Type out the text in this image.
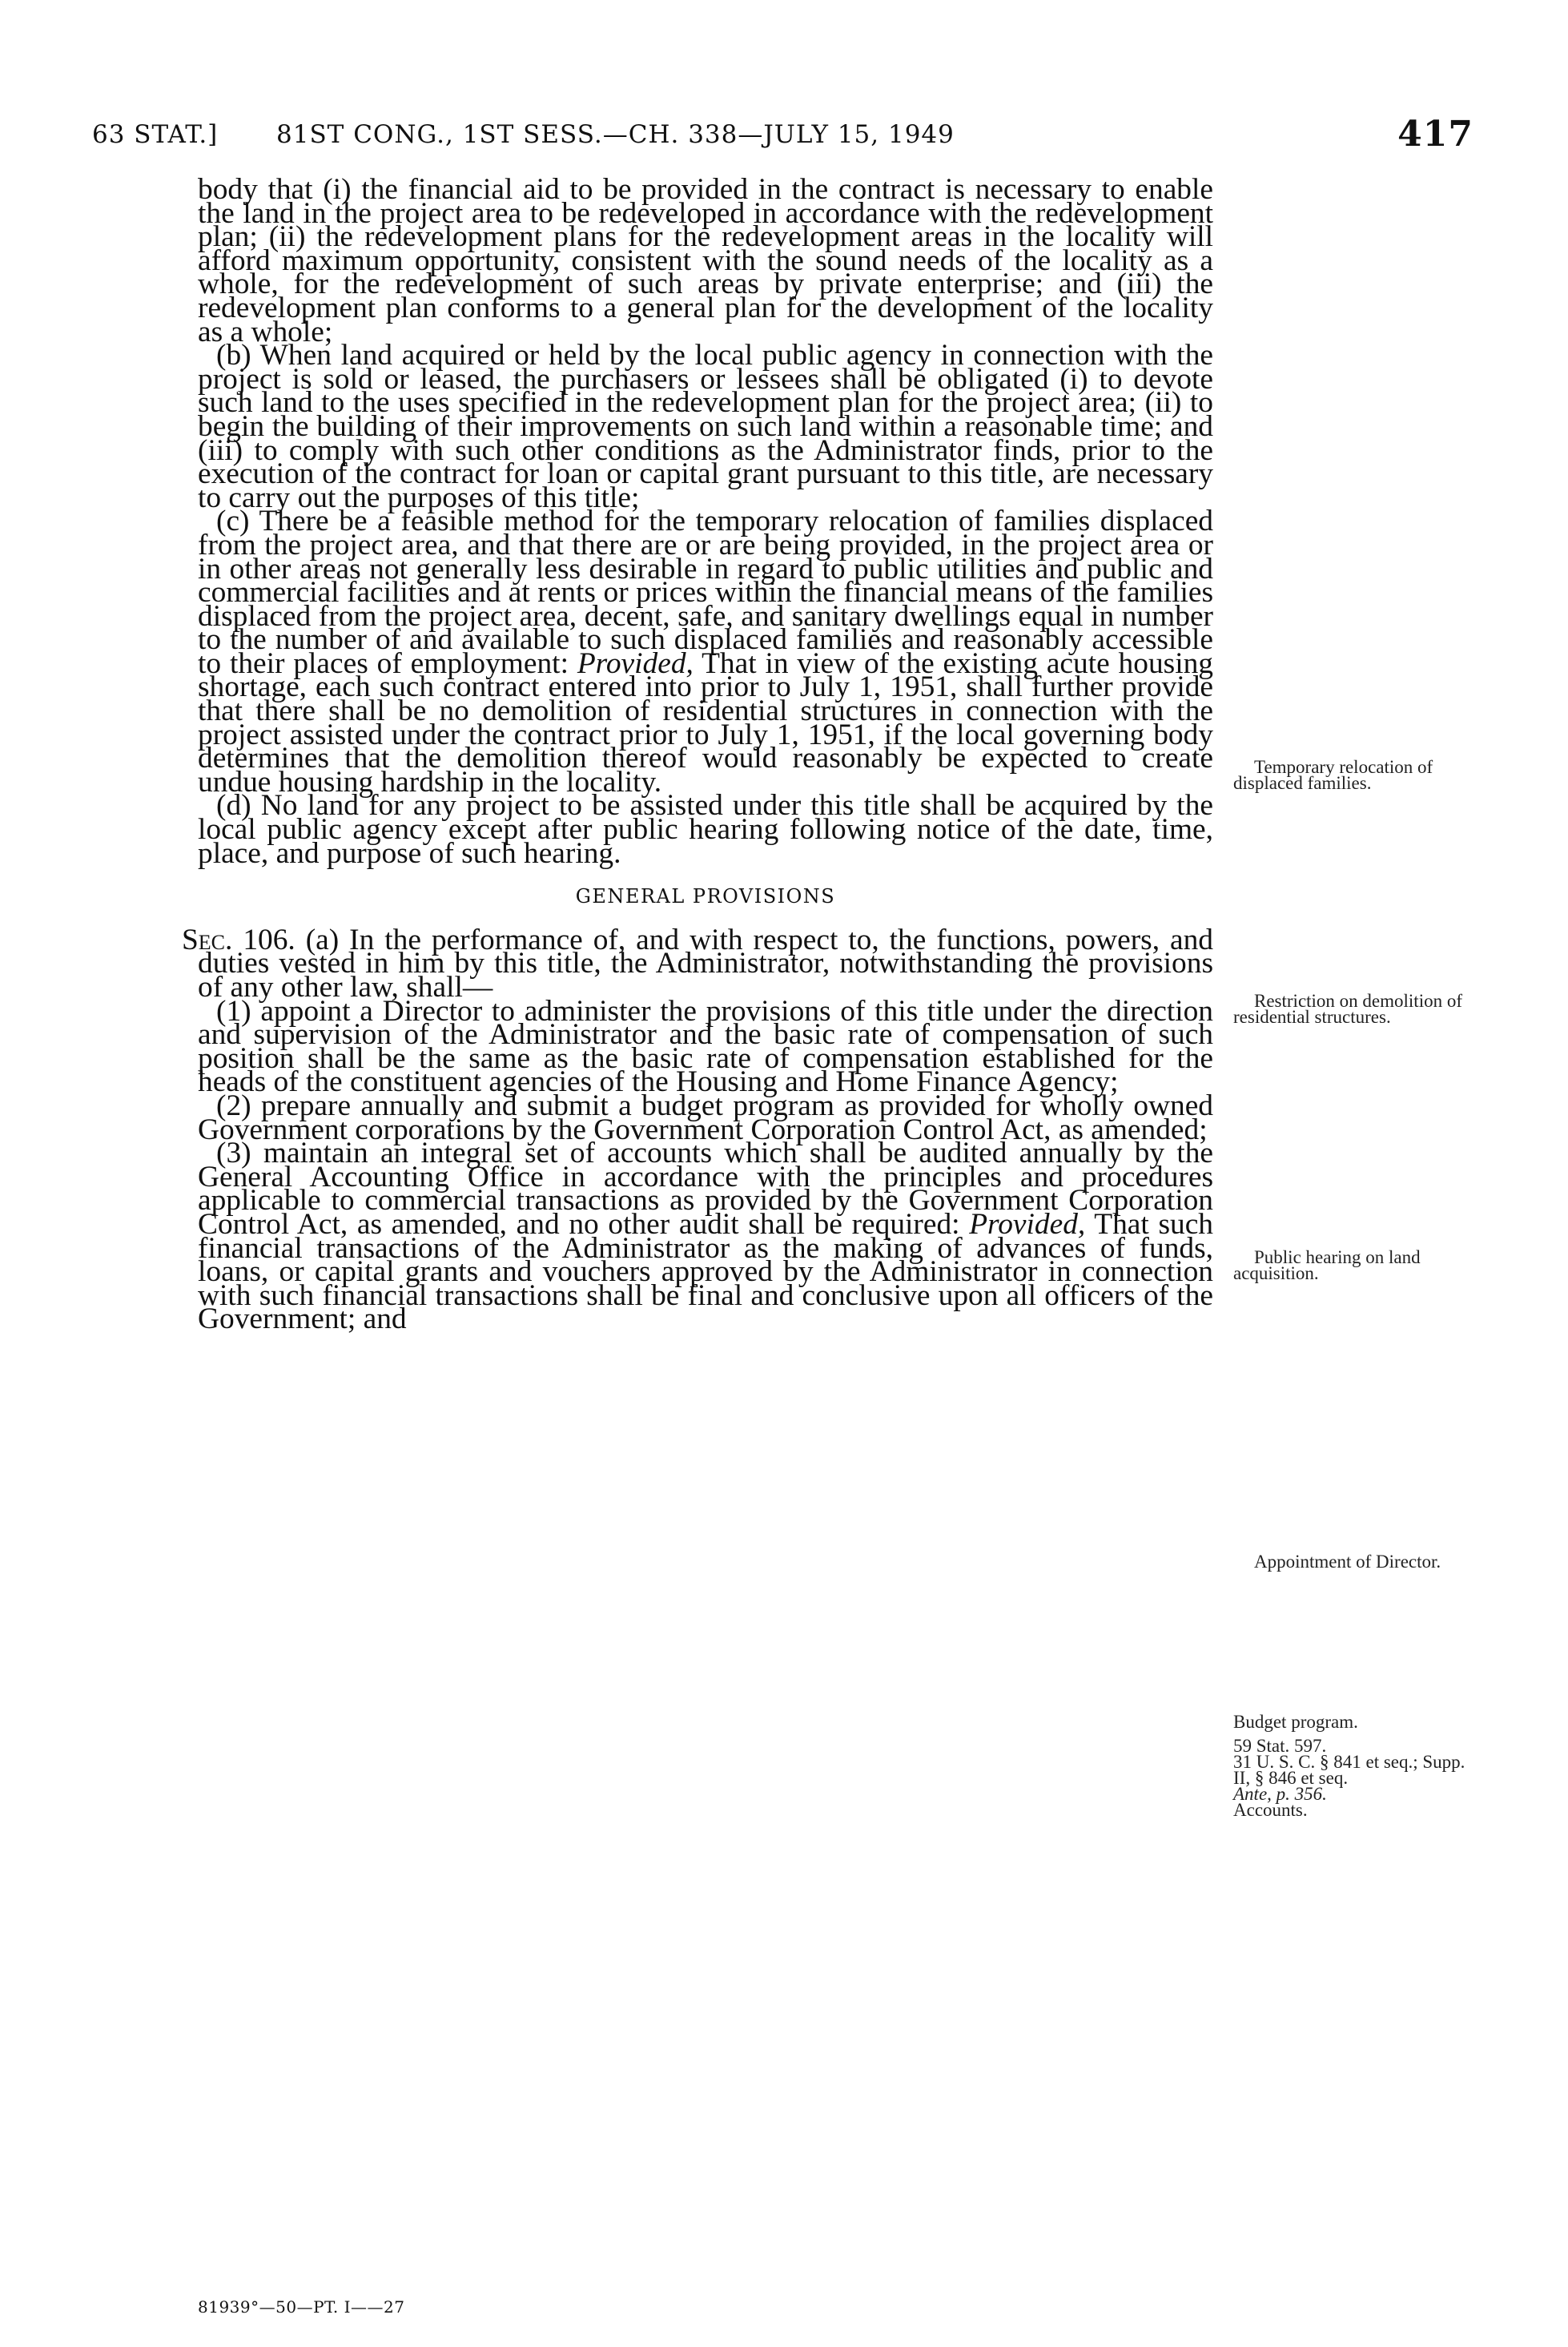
63 STAT.] 81ST CONG., 1ST SESS.—CH. 338—JULY 15, 1949	417

body that (i) the financial aid to be provided in the contract is necessary to enable the land in the project area to be redeveloped in accordance with the redevelopment plan; (ii) the redevelopment plans for the redevelopment areas in the locality will afford maximum opportunity, consistent with the sound needs of the locality as a whole, for the redevelopment of such areas by private enterprise; and (iii) the redevelopment plan conforms to a general plan for the development of the locality as a whole;

(b) When land acquired or held by the local public agency in connection with the project is sold or leased, the purchasers or lessees shall be obligated (i) to devote such land to the uses specified in the redevelopment plan for the project area; (ii) to begin the building of their improvements on such land within a reasonable time; and (iii) to comply with such other conditions as the Administrator finds, prior to the execution of the contract for loan or capital grant pursuant to this title, are necessary to carry out the purposes of this title;

(c) There be a feasible method for the temporary relocation of families displaced from the project area, and that there are or are being provided, in the project area or in other areas not generally less desirable in regard to public utilities and public and commercial facilities and at rents or prices within the financial means of the families displaced from the project area, decent, safe, and sanitary dwellings equal in number to the number of and available to such displaced families and reasonably accessible to their places of employment: Provided, That in view of the existing acute housing shortage, each such contract entered into prior to July 1, 1951, shall further provide that there shall be no demolition of residential structures in connection with the project assisted under the contract prior to July 1, 1951, if the local governing body determines that the demolition thereof would reasonably be expected to create undue housing hardship in the locality.

(d) No land for any project to be assisted under this title shall be acquired by the local public agency except after public hearing following notice of the date, time, place, and purpose of such hearing.

GENERAL PROVISIONS

Sec. 106. (a) In the performance of, and with respect to, the functions, powers, and duties vested in him by this title, the Administrator, notwithstanding the provisions of any other law, shall—

(1) appoint a Director to administer the provisions of this title under the direction and supervision of the Administrator and the basic rate of compensation of such position shall be the same as the basic rate of compensation established for the heads of the constituent agencies of the Housing and Home Finance Agency;

(2) prepare annually and submit a budget program as provided for wholly owned Government corporations by the Government Corporation Control Act, as amended;

(3) maintain an integral set of accounts which shall be audited annually by the General Accounting Office in accordance with the principles and procedures applicable to commercial transactions as provided by the Government Corporation Control Act, as amended, and no other audit shall be required: Provided, That such financial transactions of the Administrator as the making of advances of funds, loans, or capital grants and vouchers approved by the Administrator in connection with such financial transactions shall be final and conclusive upon all officers of the Government; and

Temporary relocation of displaced families.
Restriction on demolition of residential structures.
Public hearing on land acquisition.
Appointment of Director.
Budget program.
59 Stat. 597.
31 U. S. C. § 841 et seq.; Supp. II, § 846 et seq.
Ante, p. 356.
Accounts.
81939°—50—PT. I——27
